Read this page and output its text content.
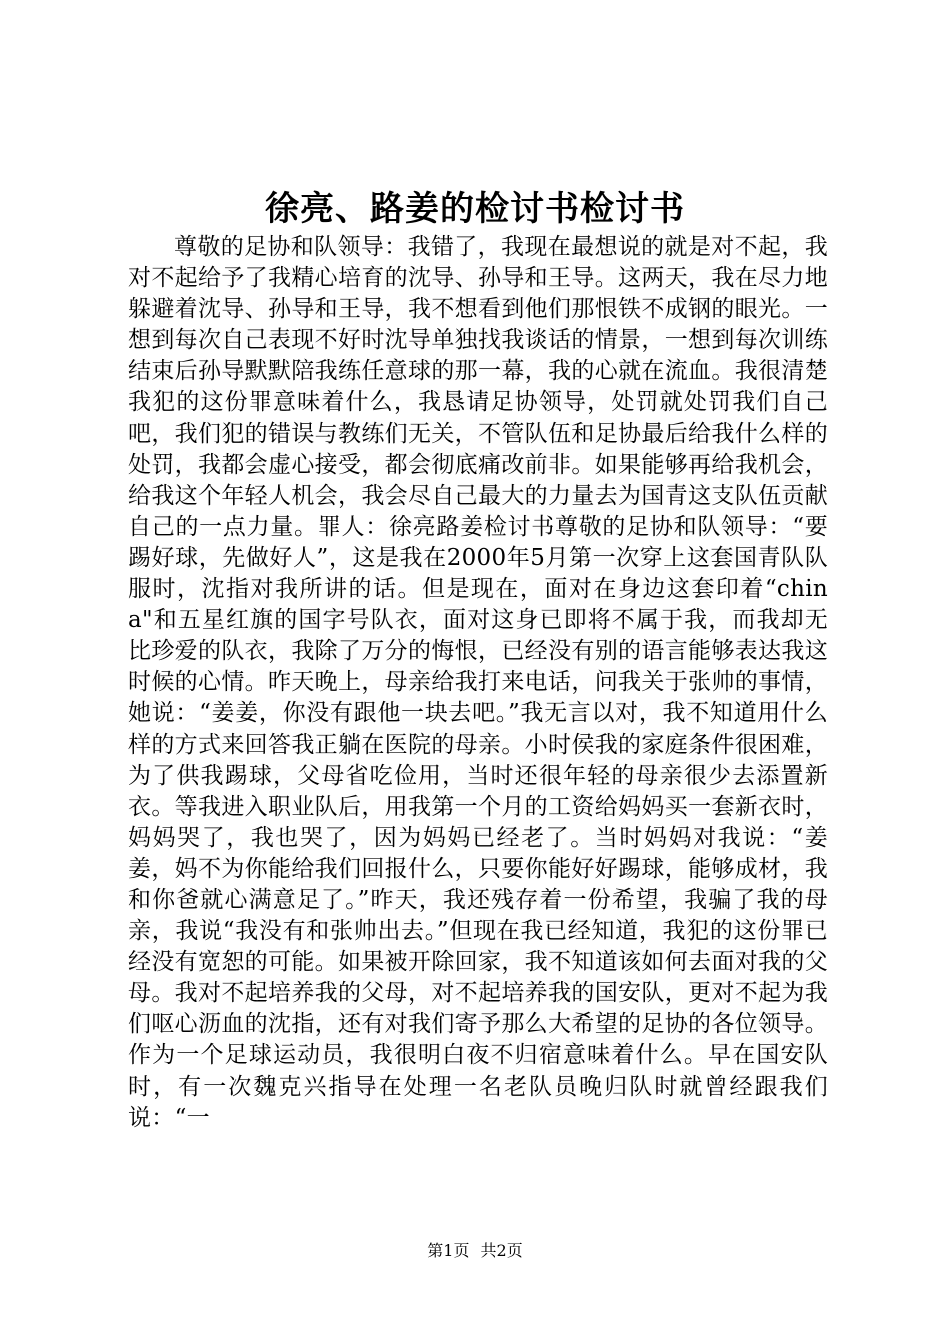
徐亮、路姜的检讨书检讨书

尊敬的足协和队领导：我错了，我现在最想说的就是对不起，我对不起给予了我精心培育的沈导、孙导和王导。这两天，我在尽力地躲避着沈导、孙导和王导，我不想看到他们那恨铁不成钢的眼光。一想到每次自己表现不好时沈导单独找我谈话的情景，一想到每次训练结束后孙导默默陪我练任意球的那一幕，我的心就在流血。我很清楚我犯的这份罪意味着什么，我恳请足协领导，处罚就处罚我们自己吧，我们犯的错误与教练们无关，不管队伍和足协最后给我什么样的处罚，我都会虚心接受，都会彻底痛改前非。如果能够再给我机会，给我这个年轻人机会，我会尽自己最大的力量去为国青这支队伍贡献自己的一点力量。罪人：徐亮路姜检讨书尊敬的足协和队领导：“要踢好球，先做好人”，这是我在2000年5月第一次穿上这套国青队队服时，沈指对我所讲的话。但是现在，面对在身边这套印着“china"和五星红旗的国字号队衣，面对这身已即将不属于我，而我却无比珍爱的队衣，我除了万分的悔恨，已经没有别的语言能够表达我这时候的心情。昨天晚上，母亲给我打来电话，问我关于张帅的事情，她说：“姜姜，你没有跟他一块去吧。”我无言以对，我不知道用什么样的方式来回答我正躺在医院的母亲。小时侯我的家庭条件很困难，为了供我踢球，父母省吃俭用，当时还很年轻的母亲很少去添置新衣。等我进入职业队后，用我第一个月的工资给妈妈买一套新衣时，妈妈哭了，我也哭了，因为妈妈已经老了。当时妈妈对我说：“姜姜，妈不为你能给我们回报什么，只要你能好好踢球，能够成材，我和你爸就心满意足了。”昨天，我还残存着一份希望，我骗了我的母亲，我说“我没有和张帅出去。”但现在我已经知道，我犯的这份罪已经没有宽恕的可能。如果被开除回家，我不知道该如何去面对我的父母。我对不起培养我的父母，对不起培养我的国安队，更对不起为我们呕心沥血的沈指，还有对我们寄予那么大希望的足协的各位领导。作为一个足球运动员，我很明白夜不归宿意味着什么。早在国安队时，有一次魏克兴指导在处理一名老队员晚归队时就曾经跟我们说：“一

第1页 共2页
